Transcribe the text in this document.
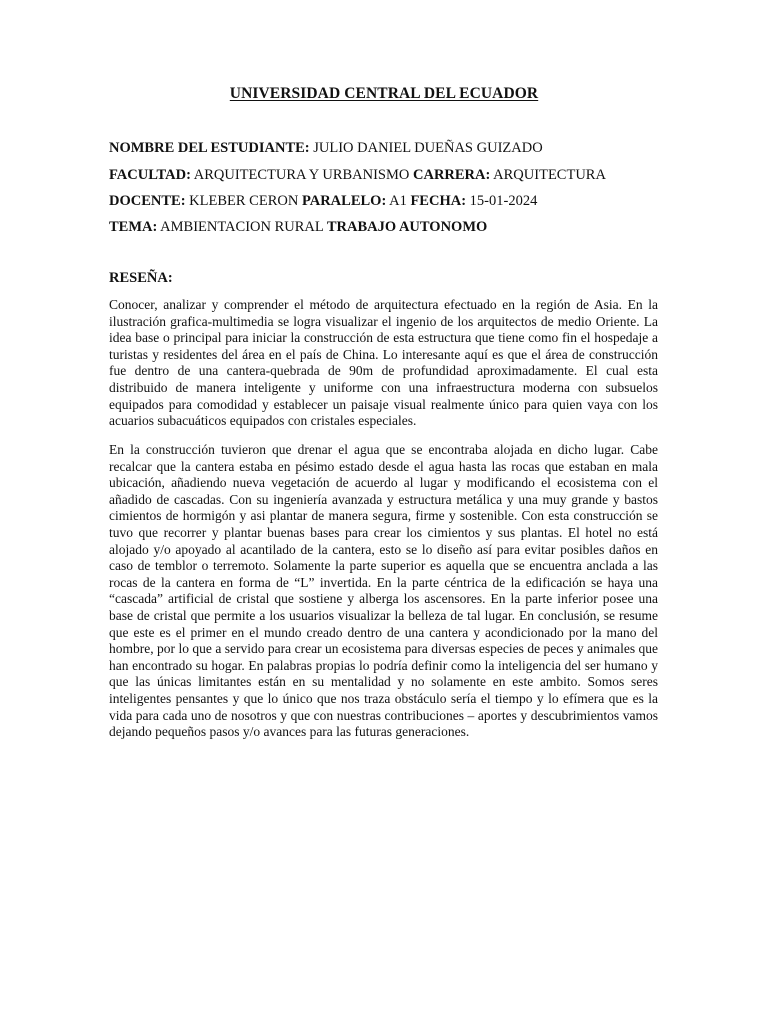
UNIVERSIDAD CENTRAL DEL ECUADOR
NOMBRE DEL ESTUDIANTE: JULIO DANIEL DUEÑAS GUIZADO
FACULTAD: ARQUITECTURA Y URBANISMO CARRERA: ARQUITECTURA
DOCENTE: KLEBER CERON PARALELO: A1 FECHA: 15-01-2024
TEMA: AMBIENTACION RURAL TRABAJO AUTONOMO
RESEÑA:

Conocer, analizar y comprender el método de arquitectura efectuado en la región de Asia. En la ilustración grafica-multimedia se logra visualizar el ingenio de los arquitectos de medio Oriente. La idea base o principal para iniciar la construcción de esta estructura que tiene como fin el hospedaje a turistas y residentes del área en el país de China. Lo interesante aquí es que el área de construcción fue dentro de una cantera-quebrada de 90m de profundidad aproximadamente. El cual esta distribuido de manera inteligente y uniforme con una infraestructura moderna con subsuelos equipados para comodidad y establecer un paisaje visual realmente único para quien vaya con los acuarios subacuáticos equipados con cristales especiales.

En la construcción tuvieron que drenar el agua que se encontraba alojada en dicho lugar. Cabe recalcar que la cantera estaba en pésimo estado desde el agua hasta las rocas que estaban en mala ubicación, añadiendo nueva vegetación de acuerdo al lugar y modificando el ecosistema con el añadido de cascadas. Con su ingeniería avanzada y estructura metálica y una muy grande y bastos cimientos de hormigón y asi plantar de manera segura, firme y sostenible. Con esta construcción se tuvo que recorrer y plantar buenas bases para crear los cimientos y sus plantas. El hotel no está alojado y/o apoyado al acantilado de la cantera, esto se lo diseño así para evitar posibles daños en caso de temblor o terremoto. Solamente la parte superior es aquella que se encuentra anclada a las rocas de la cantera en forma de “L” invertida. En la parte céntrica de la edificación se haya una “cascada” artificial de cristal que sostiene y alberga los ascensores. En la parte inferior posee una base de cristal que permite a los usuarios visualizar la belleza de tal lugar. En conclusión, se resume que este es el primer en el mundo creado dentro de una cantera y acondicionado por la mano del hombre, por lo que a servido para crear un ecosistema para diversas especies de peces y animales que han encontrado su hogar. En palabras propias lo podría definir como la inteligencia del ser humano y que las únicas limitantes están en su mentalidad y no solamente en este ambito. Somos seres inteligentes pensantes y que lo único que nos traza obstáculo sería el tiempo y lo efímera que es la vida para cada uno de nosotros y que con nuestras contribuciones – aportes y descubrimientos vamos dejando pequeños pasos y/o avances para las futuras generaciones.
